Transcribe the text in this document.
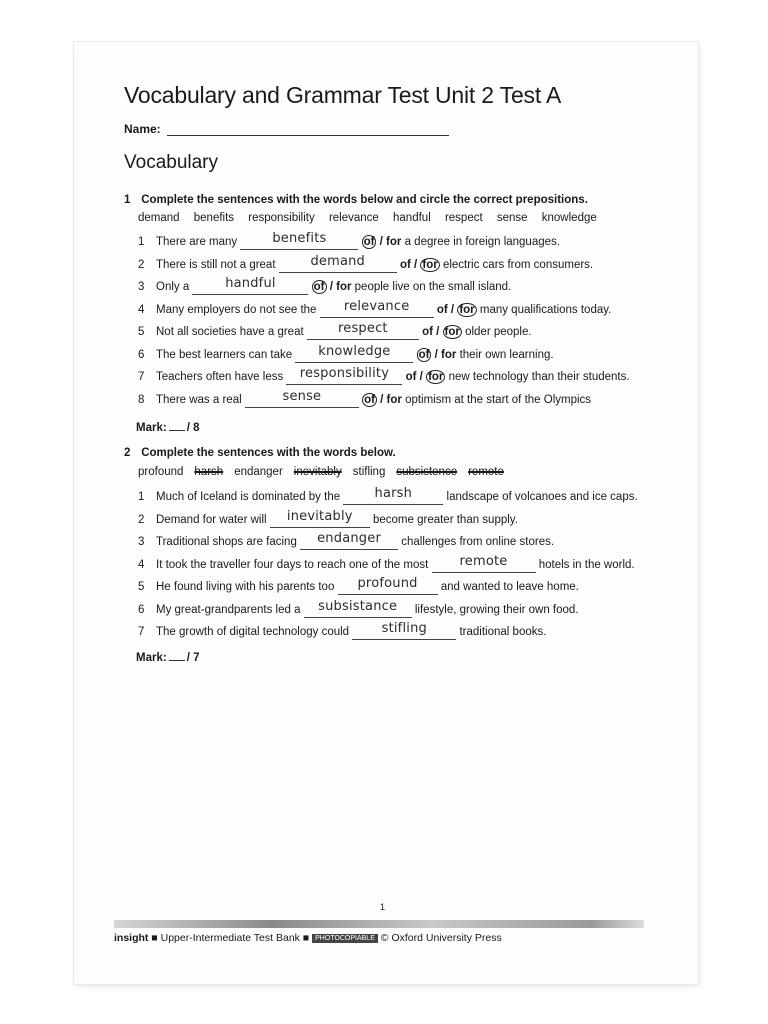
Vocabulary and Grammar Test Unit 2 Test A
Name:
Vocabulary
1 Complete the sentences with the words below and circle the correct prepositions.
demand benefits responsibility relevance handful respect sense knowledge
1 There are many	benefits	of / for a degree in foreign languages.
2 There is still not a great	demand	of / for electric cars from consumers.
3 Only a	handful	of / for people live on the small island.
4 Many employers do not see the relevance of / for many qualifications today.
5 Not all societies have a great	respect	of / for older people.
6 The best learners can take knowledge of / for their own learning.
7 Teachers often have less responsibility of / for new technology than their students.
8 There was a real	sense	of / for optimism at the start of the Olympics
Mark: / 8
2 Complete the sentences with the words below.
profound harsh endanger inevitably stifling subsistence remote
1 Much of Iceland is dominated by the	harsh	landscape of volcanoes and ice caps.
2 Demand for water will inevitably become greater than supply.
3 Traditional shops are facing endanger challenges from online stores.
4 It took the traveller four days to reach one of the most remote	hotels in the world.
5 He found living with his parents too profound and wanted to leave home.
6 My great-grandparents led a subsistance lifestyle, growing their own food.
7 The growth of digital technology could	stifling	traditional books.
Mark: / 7
1
insight ■ Upper-Intermediate Test Bank ■ PHOTOCOPIABLE © Oxford University Press
